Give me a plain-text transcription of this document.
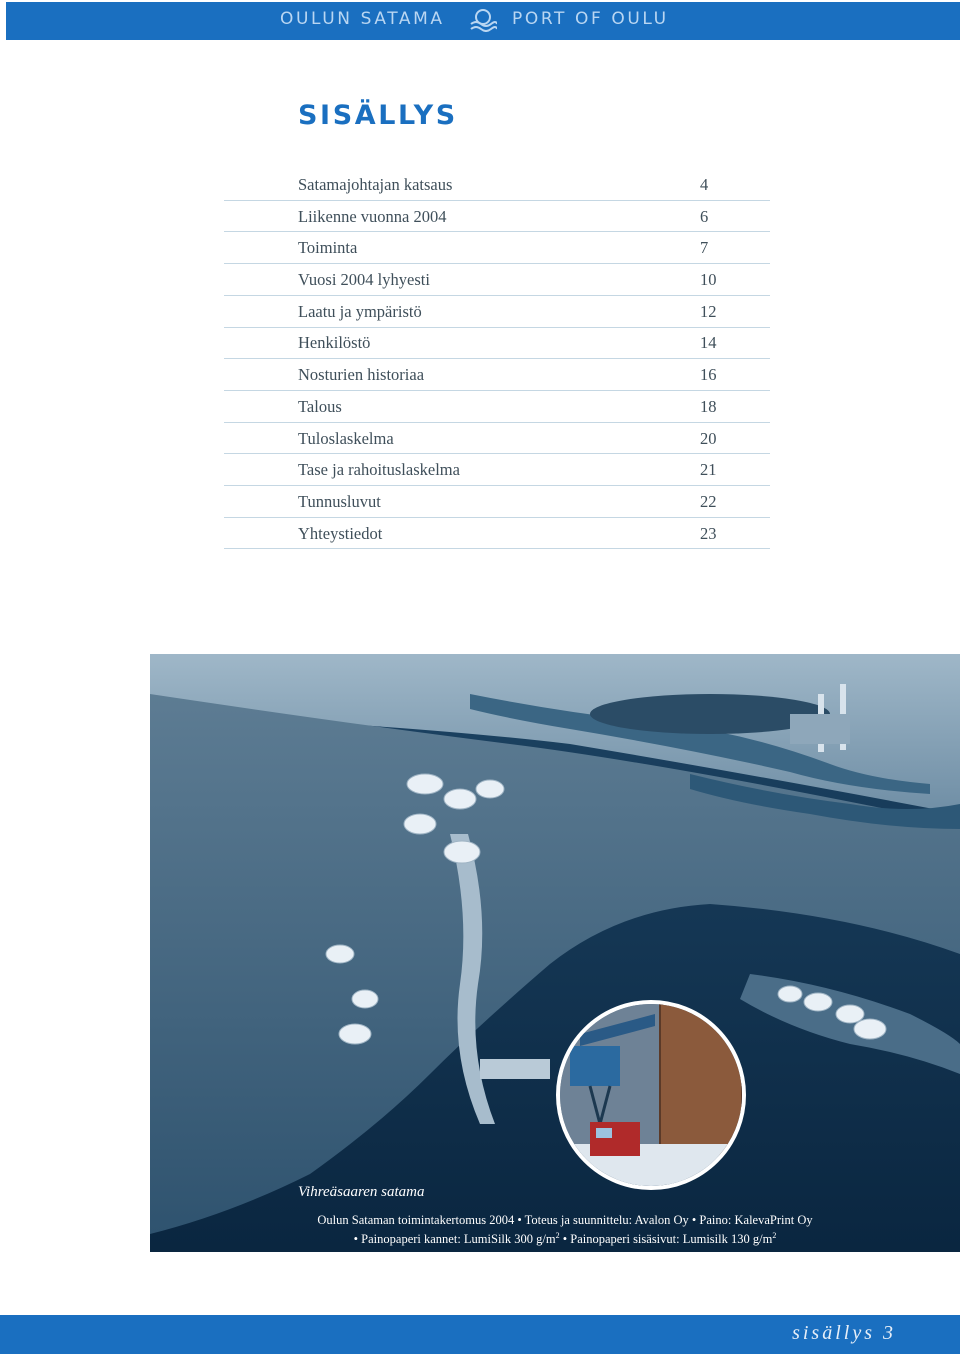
OULUN SATAMA	PORT OF OULU
SISÄLLYS
Satamajohtajan katsaus	4
Liikenne vuonna 2004	6
Toiminta	7
Vuosi 2004 lyhyesti	10
Laatu ja ympäristö	12
Henkilöstö	14
Nosturien historiaa	16
Talous	18
Tuloslaskelma	20
Tase ja rahoituslaskelma	21
Tunnusluvut	22
Yhteystiedot	23
Vihreäsaaren satama
Oulun Sataman toimintakertomus 2004 • Toteus ja suunnittelu: Avalon Oy • Paino: KalevaPrint Oy
• Painopaperi kannet: LumiSilk 300 $g/m^2$ • Painopaperi sisäsivut: Lumisilk 130 $g/m^2$
sisällys 3
